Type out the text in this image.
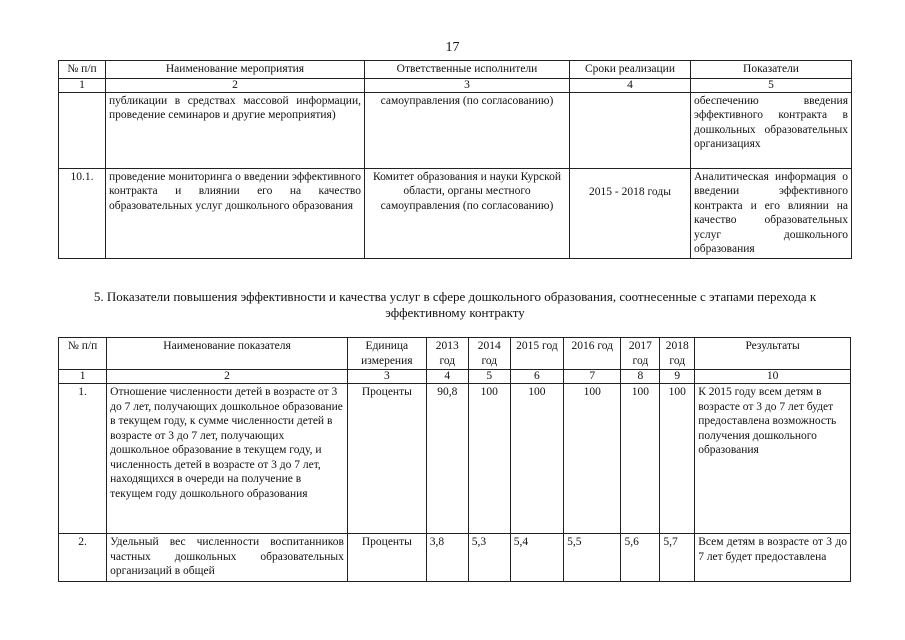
17
№ п/п	Наименование мероприятия	Ответственные исполнители	Сроки реализации	Показатели
1	2	3	4	5
	публикации в средствах массовой информации, проведение семинаров и другие мероприятия)	самоуправления (по согласованию)		обеспечению введения эффективного контракта в дошкольных образовательных организациях
10.1.	проведение мониторинга о введении эффективного контракта и влиянии его на качество образовательных услуг дошкольного образования	Комитет образования и науки Курской области, органы местного самоуправления (по согласованию)	2015 - 2018 годы	Аналитическая информация о введении эффективного контракта и его влиянии на качество образовательных услуг дошкольного образования
5. Показатели повышения эффективности и качества услуг в сфере дошкольного образования, соотнесенные с этапами перехода к эффективному контракту
№ п/п	Наименование показателя	Единица измерения	2013 год	2014 год	2015 год	2016 год	2017 год	2018 год	Результаты
1	2	3	4	5	6	7	8	9	10
1.	Отношение численности детей в возрасте от 3 до 7 лет, получающих дошкольное образование в текущем году, к сумме численности детей в возрасте от 3 до 7 лет, получающих дошкольное образование в текущем году, и численность детей в возрасте от 3 до 7 лет, находящихся в очереди на получение в текущем году дошкольного образования	Проценты	90,8	100	100	100	100	100	К 2015 году всем детям в возрасте от 3 до 7 лет будет предоставлена возможность получения дошкольного образования
2.	Удельный вес численности воспитанников частных дошкольных образовательных организаций в общей	Проценты	3,8	5,3	5,4	5,5	5,6	5,7	Всем детям в возрасте от 3 до 7 лет будет предоставлена
